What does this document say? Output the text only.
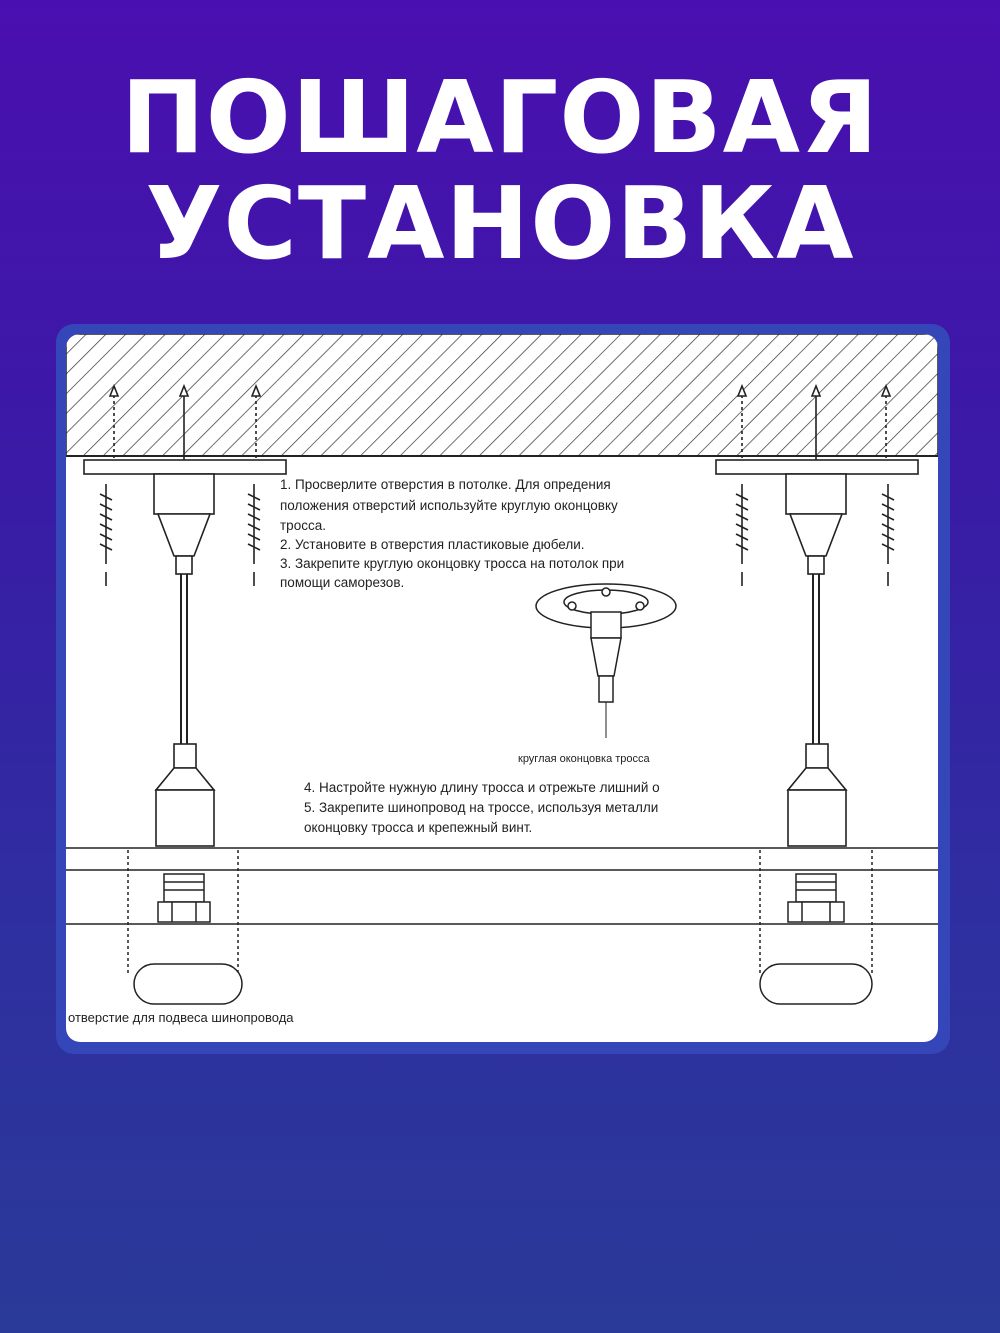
ПОШАГОВАЯ
УСТАНОВКА
1. Просверлите отверстия в потолке. Для опредения
положения отверстий используйте круглую оконцовку
тросса.
2. Установите в отверстия пластиковые дюбели.
3. Закрепите круглую оконцовку тросса на потолок при
помощи саморезов.
круглая оконцовка тросса
4. Настройте нужную длину тросса и отрежьте лишний о
5. Закрепите шинопровод на троссе, используя металли
оконцовку тросса и крепежный винт.
отверстие для подвеса шинопровода
